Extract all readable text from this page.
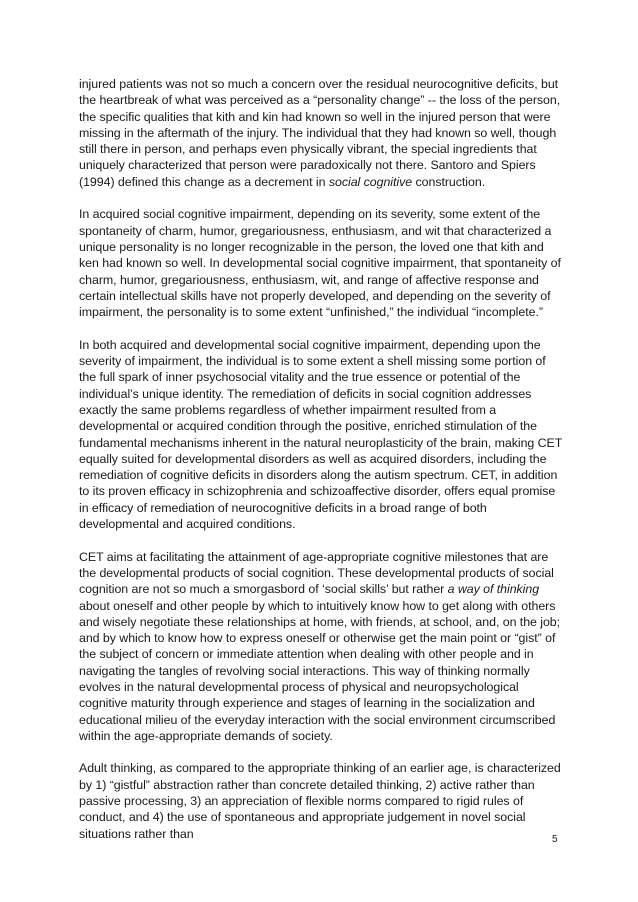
injured patients was not so much a concern over the residual neurocognitive deficits, but the heartbreak of what was perceived as a “personality change” -- the loss of the person, the specific qualities that kith and kin had known so well in the injured person that were missing in the aftermath of the injury. The individual that they had known so well, though still there in person, and perhaps even physically vibrant, the special ingredients that uniquely characterized that person were paradoxically not there. Santoro and Spiers (1994) defined this change as a decrement in social cognitive construction.

In acquired social cognitive impairment, depending on its severity, some extent of the spontaneity of charm, humor, gregariousness, enthusiasm, and wit that characterized a unique personality is no longer recognizable in the person, the loved one that kith and ken had known so well. In developmental social cognitive impairment, that spontaneity of charm, humor, gregariousness, enthusiasm, wit, and range of affective response and certain intellectual skills have not properly developed, and depending on the severity of impairment, the personality is to some extent “unfinished,” the individual “incomplete.”

In both acquired and developmental social cognitive impairment, depending upon the severity of impairment, the individual is to some extent a shell missing some portion of the full spark of inner psychosocial vitality and the true essence or potential of the individual’s unique identity. The remediation of deficits in social cognition addresses exactly the same problems regardless of whether impairment resulted from a developmental or acquired condition through the positive, enriched stimulation of the fundamental mechanisms inherent in the natural neuroplasticity of the brain, making CET equally suited for developmental disorders as well as acquired disorders, including the remediation of cognitive deficits in disorders along the autism spectrum. CET, in addition to its proven efficacy in schizophrenia and schizoaffective disorder, offers equal promise in efficacy of remediation of neurocognitive deficits in a broad range of both developmental and acquired conditions.

CET aims at facilitating the attainment of age-appropriate cognitive milestones that are the developmental products of social cognition. These developmental products of social cognition are not so much a smorgasbord of ‘social skills’ but rather a way of thinking about oneself and other people by which to intuitively know how to get along with others and wisely negotiate these relationships at home, with friends, at school, and, on the job; and by which to know how to express oneself or otherwise get the main point or “gist” of the subject of concern or immediate attention when dealing with other people and in navigating the tangles of revolving social interactions. This way of thinking normally evolves in the natural developmental process of physical and neuropsychological cognitive maturity through experience and stages of learning in the socialization and educational milieu of the everyday interaction with the social environment circumscribed within the age-appropriate demands of society.

Adult thinking, as compared to the appropriate thinking of an earlier age, is characterized by 1) “gistful” abstraction rather than concrete detailed thinking, 2) active rather than passive processing, 3) an appreciation of flexible norms compared to rigid rules of conduct, and 4) the use of spontaneous and appropriate judgement in novel social situations rather than	5
